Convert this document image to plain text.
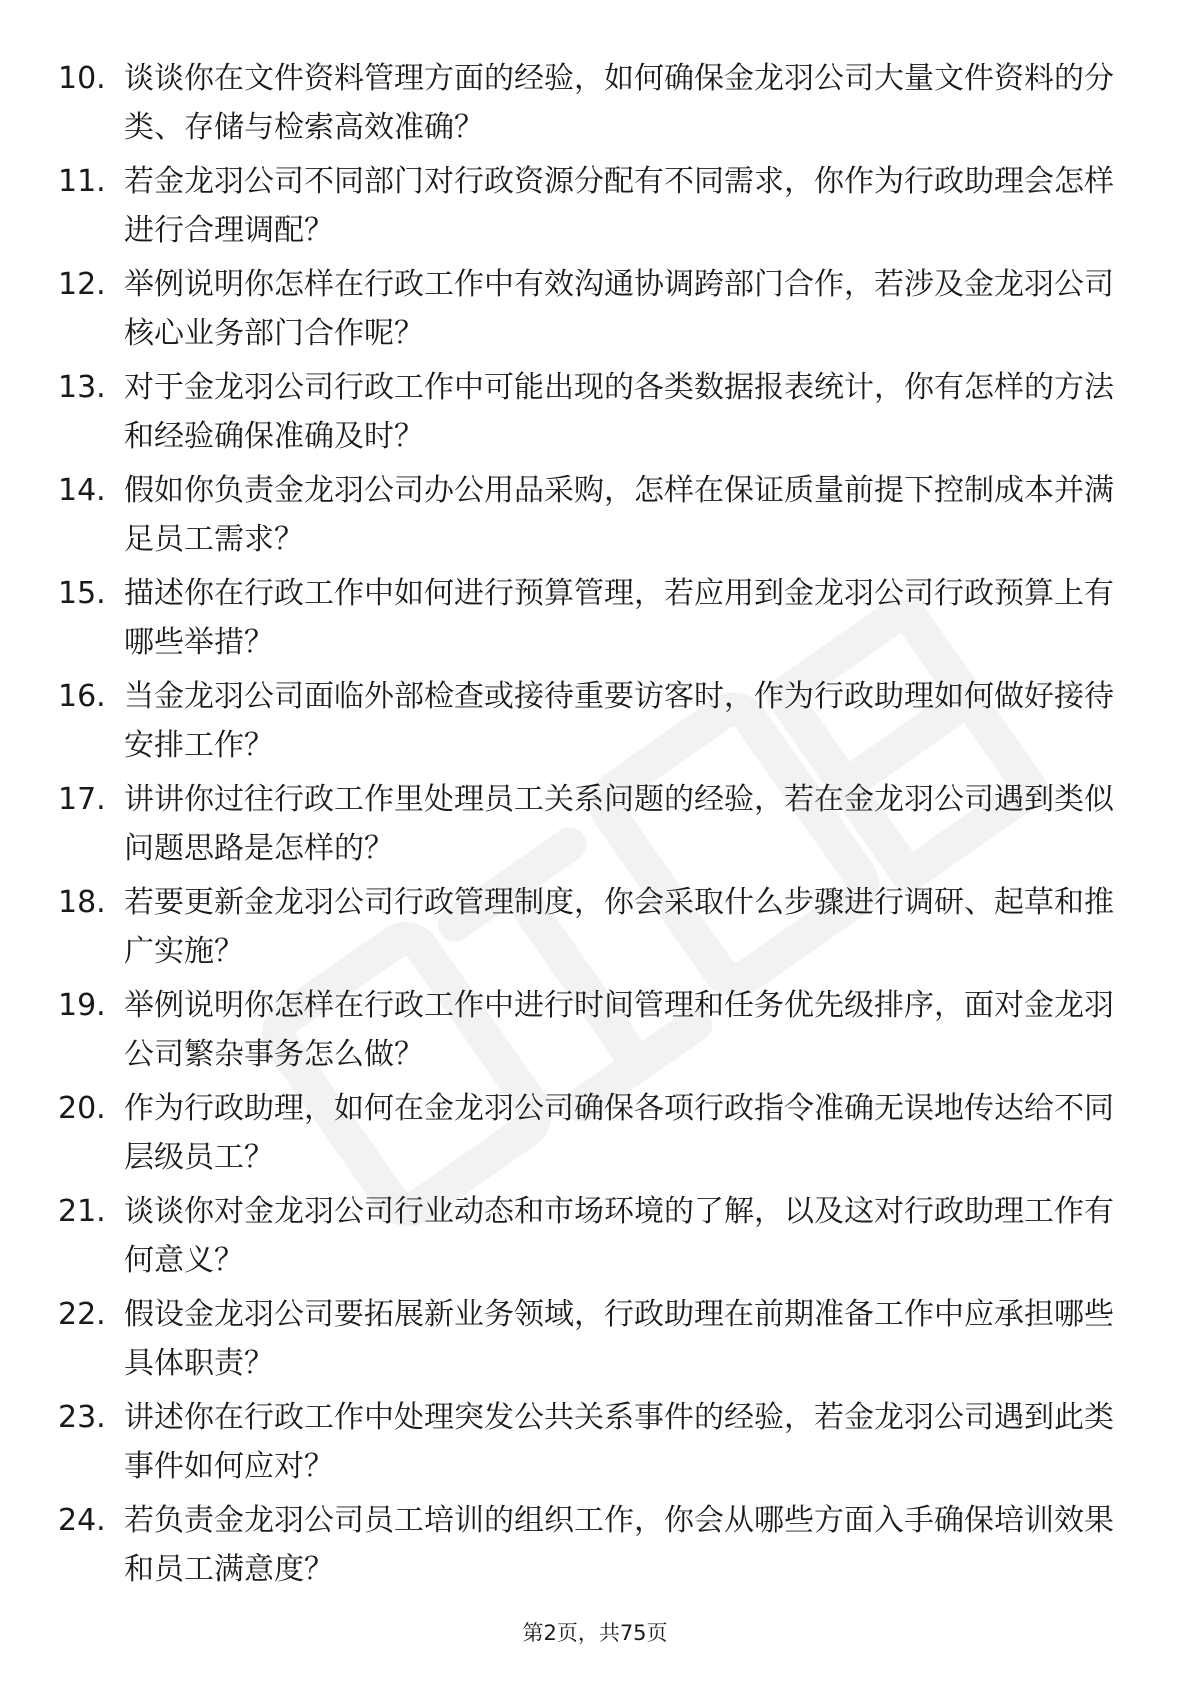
10. 谈谈你在文件资料管理方面的经验，如何确保金龙羽公司大量文件资料的分类、存储与检索高效准确？
11. 若金龙羽公司不同部门对行政资源分配有不同需求，你作为行政助理会怎样进行合理调配？
12. 举例说明你怎样在行政工作中有效沟通协调跨部门合作，若涉及金龙羽公司核心业务部门合作呢？
13. 对于金龙羽公司行政工作中可能出现的各类数据报表统计，你有怎样的方法和经验确保准确及时？
14. 假如你负责金龙羽公司办公用品采购，怎样在保证质量前提下控制成本并满足员工需求？
15. 描述你在行政工作中如何进行预算管理，若应用到金龙羽公司行政预算上有哪些举措？
16. 当金龙羽公司面临外部检查或接待重要访客时，作为行政助理如何做好接待安排工作？
17. 讲讲你过往行政工作里处理员工关系问题的经验，若在金龙羽公司遇到类似问题思路是怎样的？
18. 若要更新金龙羽公司行政管理制度，你会采取什么步骤进行调研、起草和推广实施？
19. 举例说明你怎样在行政工作中进行时间管理和任务优先级排序，面对金龙羽公司繁杂事务怎么做？
20. 作为行政助理，如何在金龙羽公司确保各项行政指令准确无误地传达给不同层级员工？
21. 谈谈你对金龙羽公司行业动态和市场环境的了解，以及这对行政助理工作有何意义？
22. 假设金龙羽公司要拓展新业务领域，行政助理在前期准备工作中应承担哪些具体职责？
23. 讲述你在行政工作中处理突发公共关系事件的经验，若金龙羽公司遇到此类事件如何应对？
24. 若负责金龙羽公司员工培训的组织工作，你会从哪些方面入手确保培训效果和员工满意度？
第2页，共75页
